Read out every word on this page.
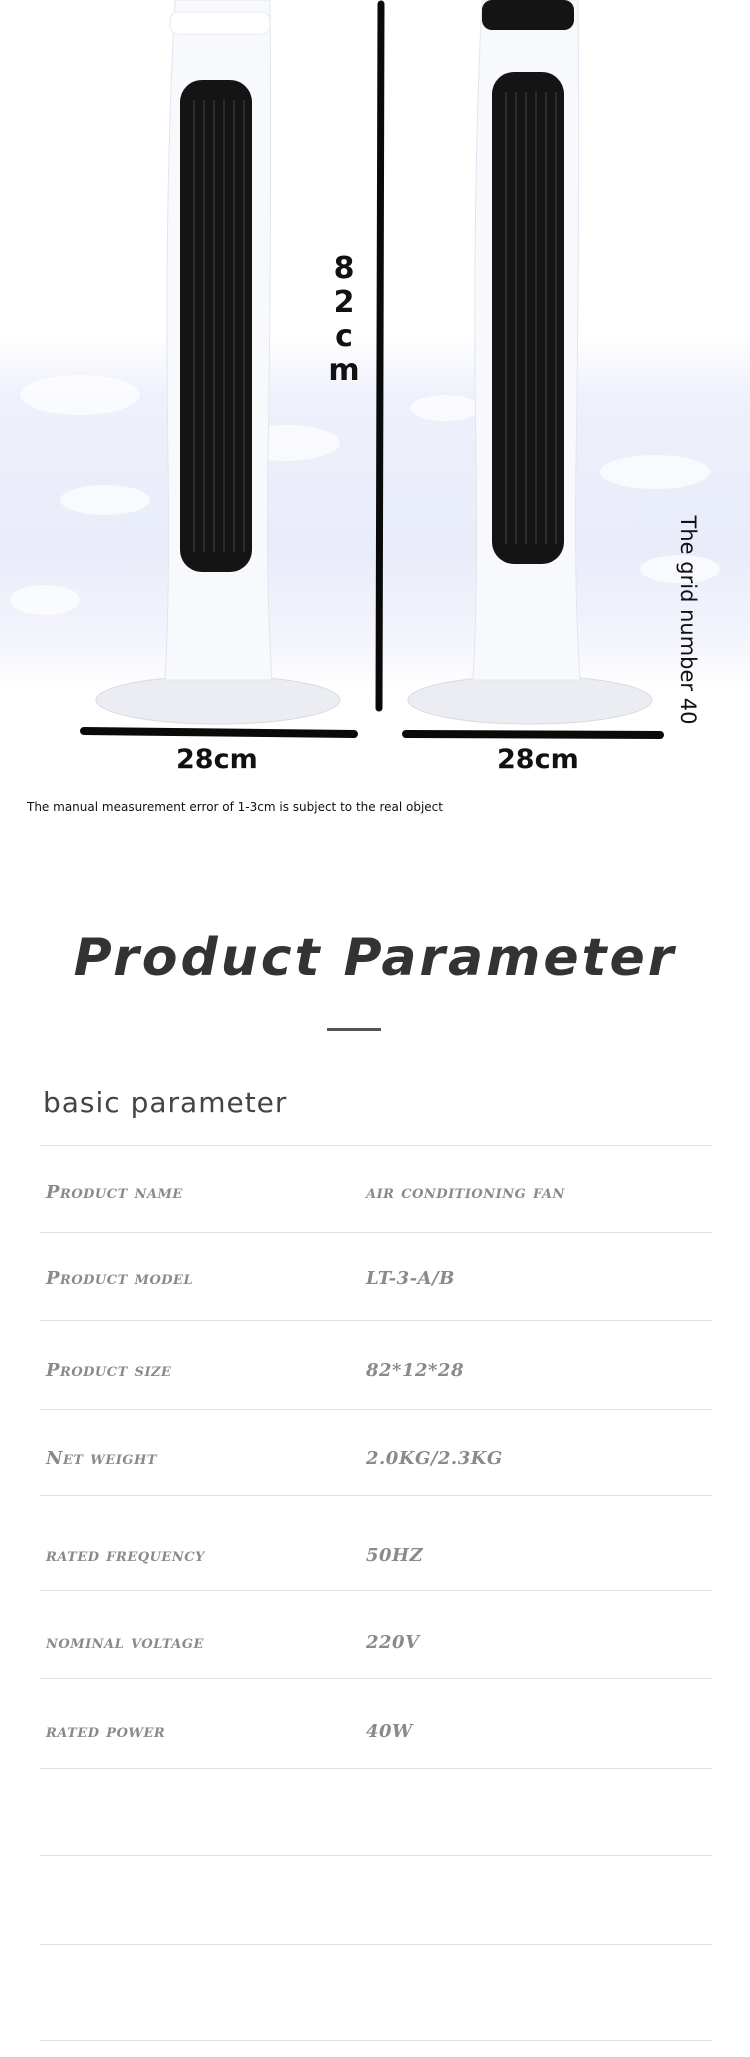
82cm
28cm	28cm
The grid number 40
The manual measurement error of 1-3cm is subject to the real object
Product Parameter
basic parameter
Product name	air conditioning fan
Product model	LT-3-A/B
Product size	82*12*28
Net weight	2.0KG/2.3KG
rated frequency	50HZ
nominal voltage	220V
rated power	40W
